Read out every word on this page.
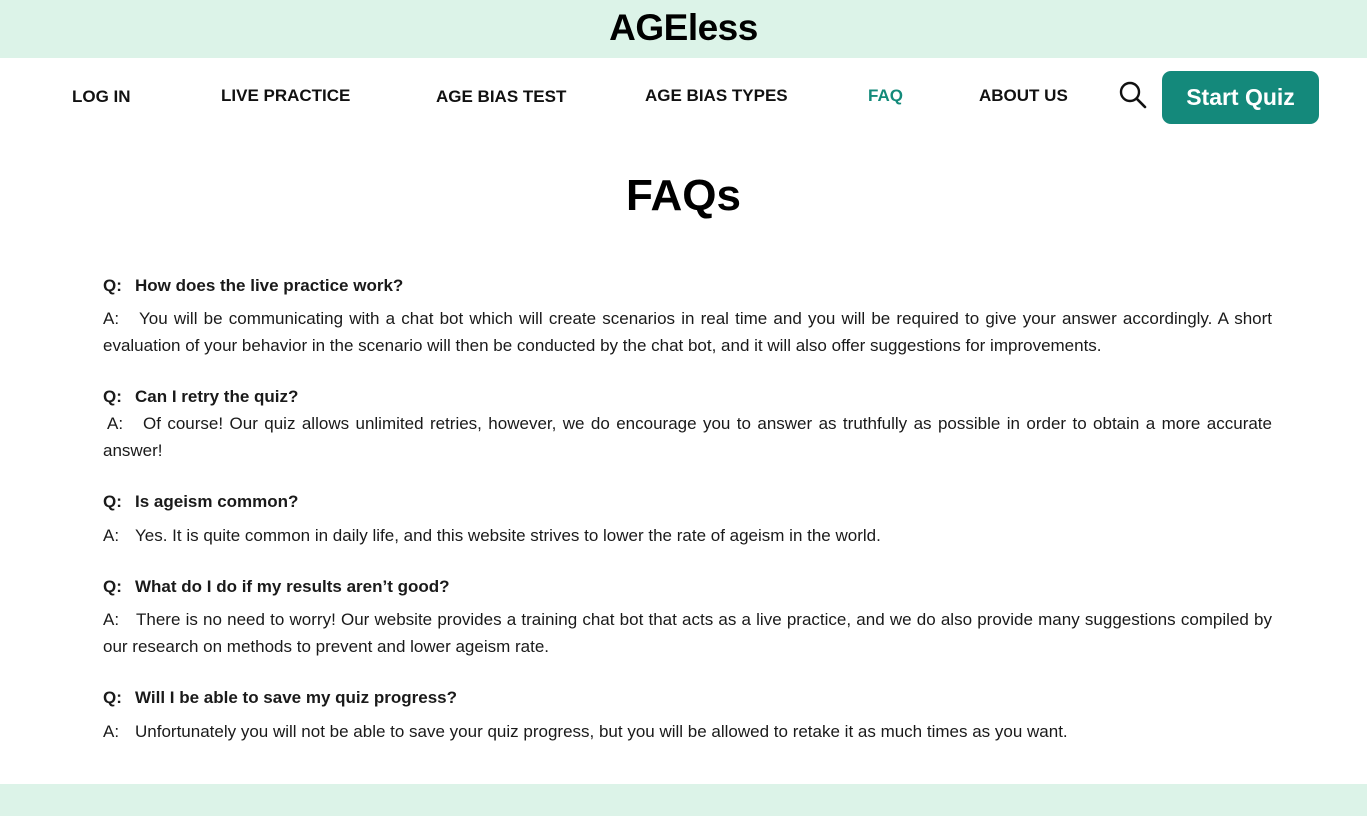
AGEless
LOG IN	LIVE PRACTICE	AGE BIAS TEST	AGE BIAS TYPES	FAQ	ABOUT US	Start Quiz
FAQs
Q: How does the live practice work?
A: You will be communicating with a chat bot which will create scenarios in real time and you will be required to give your answer accordingly. A short evaluation of your behavior in the scenario will then be conducted by the chat bot, and it will also offer suggestions for improvements.
Q: Can I retry the quiz?
A: Of course! Our quiz allows unlimited retries, however, we do encourage you to answer as truthfully as possible in order to obtain a more accurate answer!
Q: Is ageism common?
A: Yes. It is quite common in daily life, and this website strives to lower the rate of ageism in the world.
Q: What do I do if my results aren’t good?
A: There is no need to worry! Our website provides a training chat bot that acts as a live practice, and we do also provide many suggestions compiled by our research on methods to prevent and lower ageism rate.
Q: Will I be able to save my quiz progress?
A: Unfortunately you will not be able to save your quiz progress, but you will be allowed to retake it as much times as you want.
